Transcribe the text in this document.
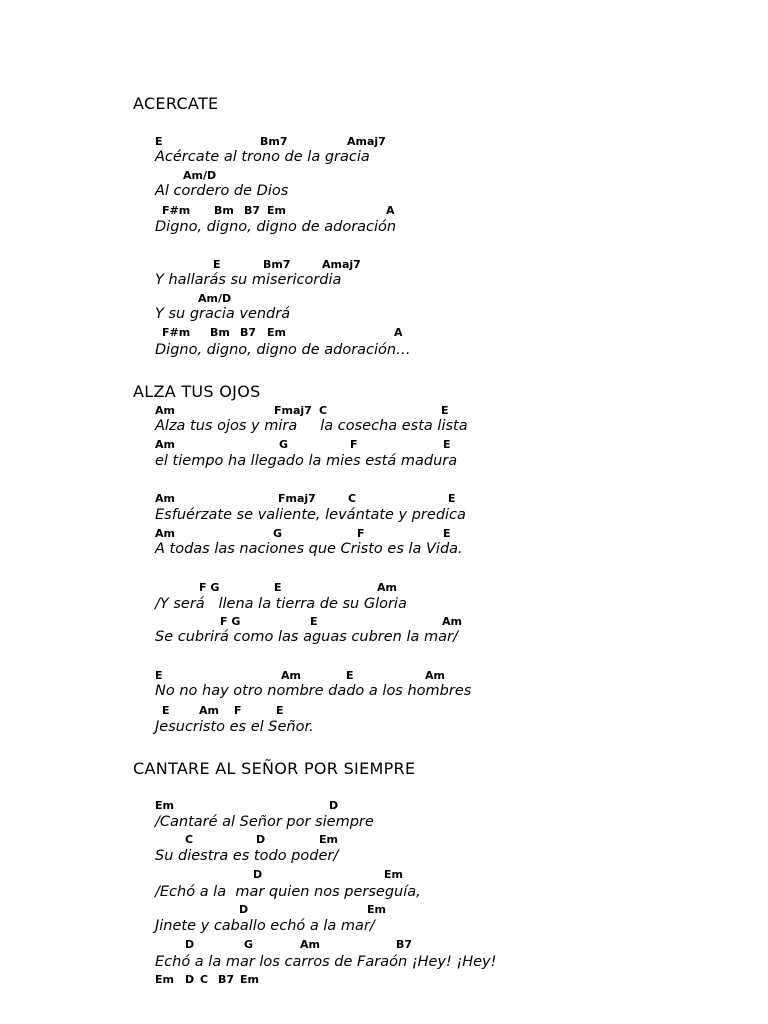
ACERCATE
E	Bm7	Amaj7
Acércate al trono de la gracia
Am/D
Al cordero de Dios
F#m Bm B7 Em	A
Digno, digno, digno de adoración
E	Bm7	Amaj7
Y hallarás su misericordia
Am/D
Y su gracia vendrá
F#m Bm B7 Em	A
Digno, digno, digno de adoración…
ALZA TUS OJOS
Am	Fmaj7 C	E
Alza tus ojos y mira     la cosecha esta lista
Am	G	F	E
el tiempo ha llegado la mies está madura
Am	Fmaj7	C	E
Esfuérzate se valiente, levántate y predica
Am	G	F	E
A todas las naciones que Cristo es la Vida.
F G	E	Am
/Y será   llena la tierra de su Gloria
F G	E	Am
Se cubrirá como las aguas cubren la mar/
E	Am	E	Am
No no hay otro nombre dado a los hombres
E	Am F	E
Jesucristo es el Señor.
CANTARE AL SEÑOR POR SIEMPRE
Em	D
/Cantaré al Señor por siempre
C	D	Em
Su diestra es todo poder/
D	Em
/Echó a la  mar quien nos perseguía,
D	Em
Jinete y caballo echó a la mar/
D	G	Am	B7
Echó a la mar los carros de Faraón ¡Hey! ¡Hey!
Em D C B7 Em
